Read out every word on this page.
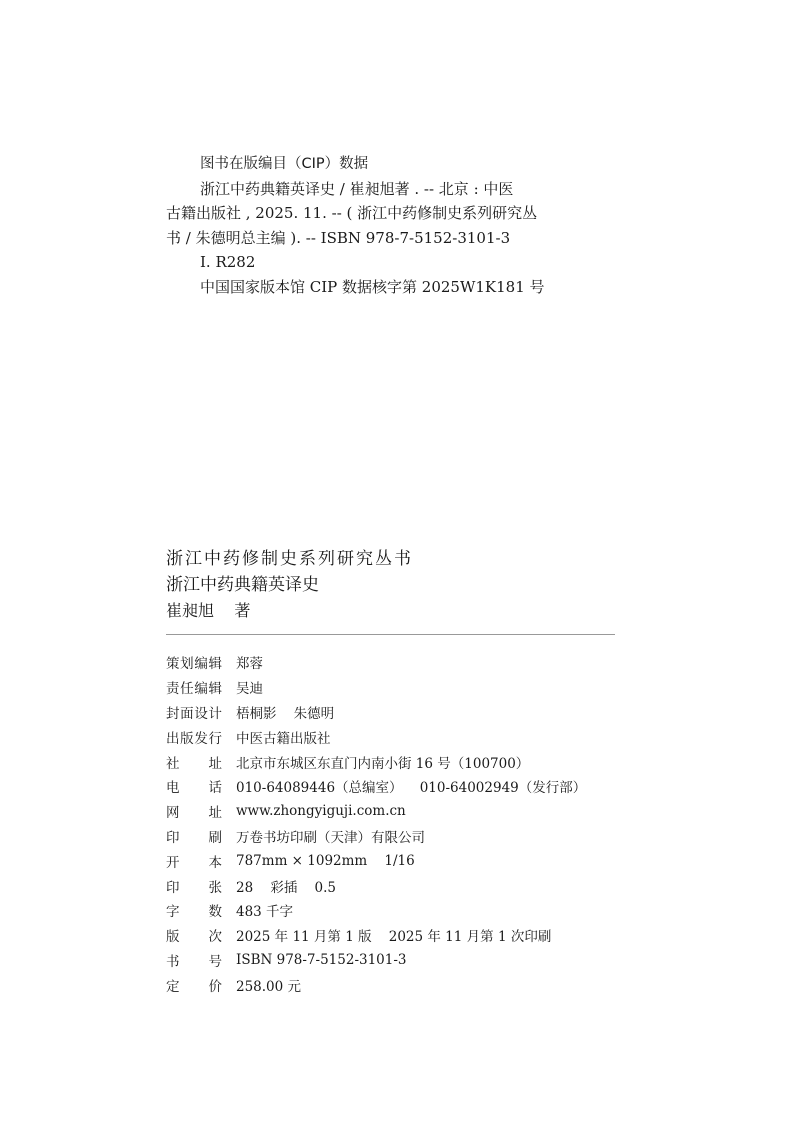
图书在版编目（CIP）数据
浙江中药典籍英译史 / 崔昶旭著 . -- 北京 : 中医
古籍出版社 , 2025. 11. -- ( 浙江中药修制史系列研究丛
书 / 朱德明总主编 ). -- ISBN 978-7-5152-3101-3
Ⅰ. R282
中国国家版本馆 CIP 数据核字第 2025W1K181 号
浙江中药修制史系列研究丛书
浙江中药典籍英译史
崔昶旭    著
策 划 编 辑 郑蓉
责 任 编 辑 吴迪
封 面 设 计 梧桐影    朱德明
出 版 发 行 中医古籍出版社
社 址 北京市东城区东直门内南小街 16 号（100700）
电 话 010-64089446（总编室）    010-64002949（发行部）
网 址 www.zhongyiguji.com.cn
印 刷 万卷书坊印刷（天津）有限公司
开 本 787mm × 1092mm    1/16
印 张 28    彩插    0.5
字 数 483 千字
版 次 2025 年 11 月第 1 版    2025 年 11 月第 1 次印刷
书 号 ISBN 978-7-5152-3101-3
定 价 258.00 元
